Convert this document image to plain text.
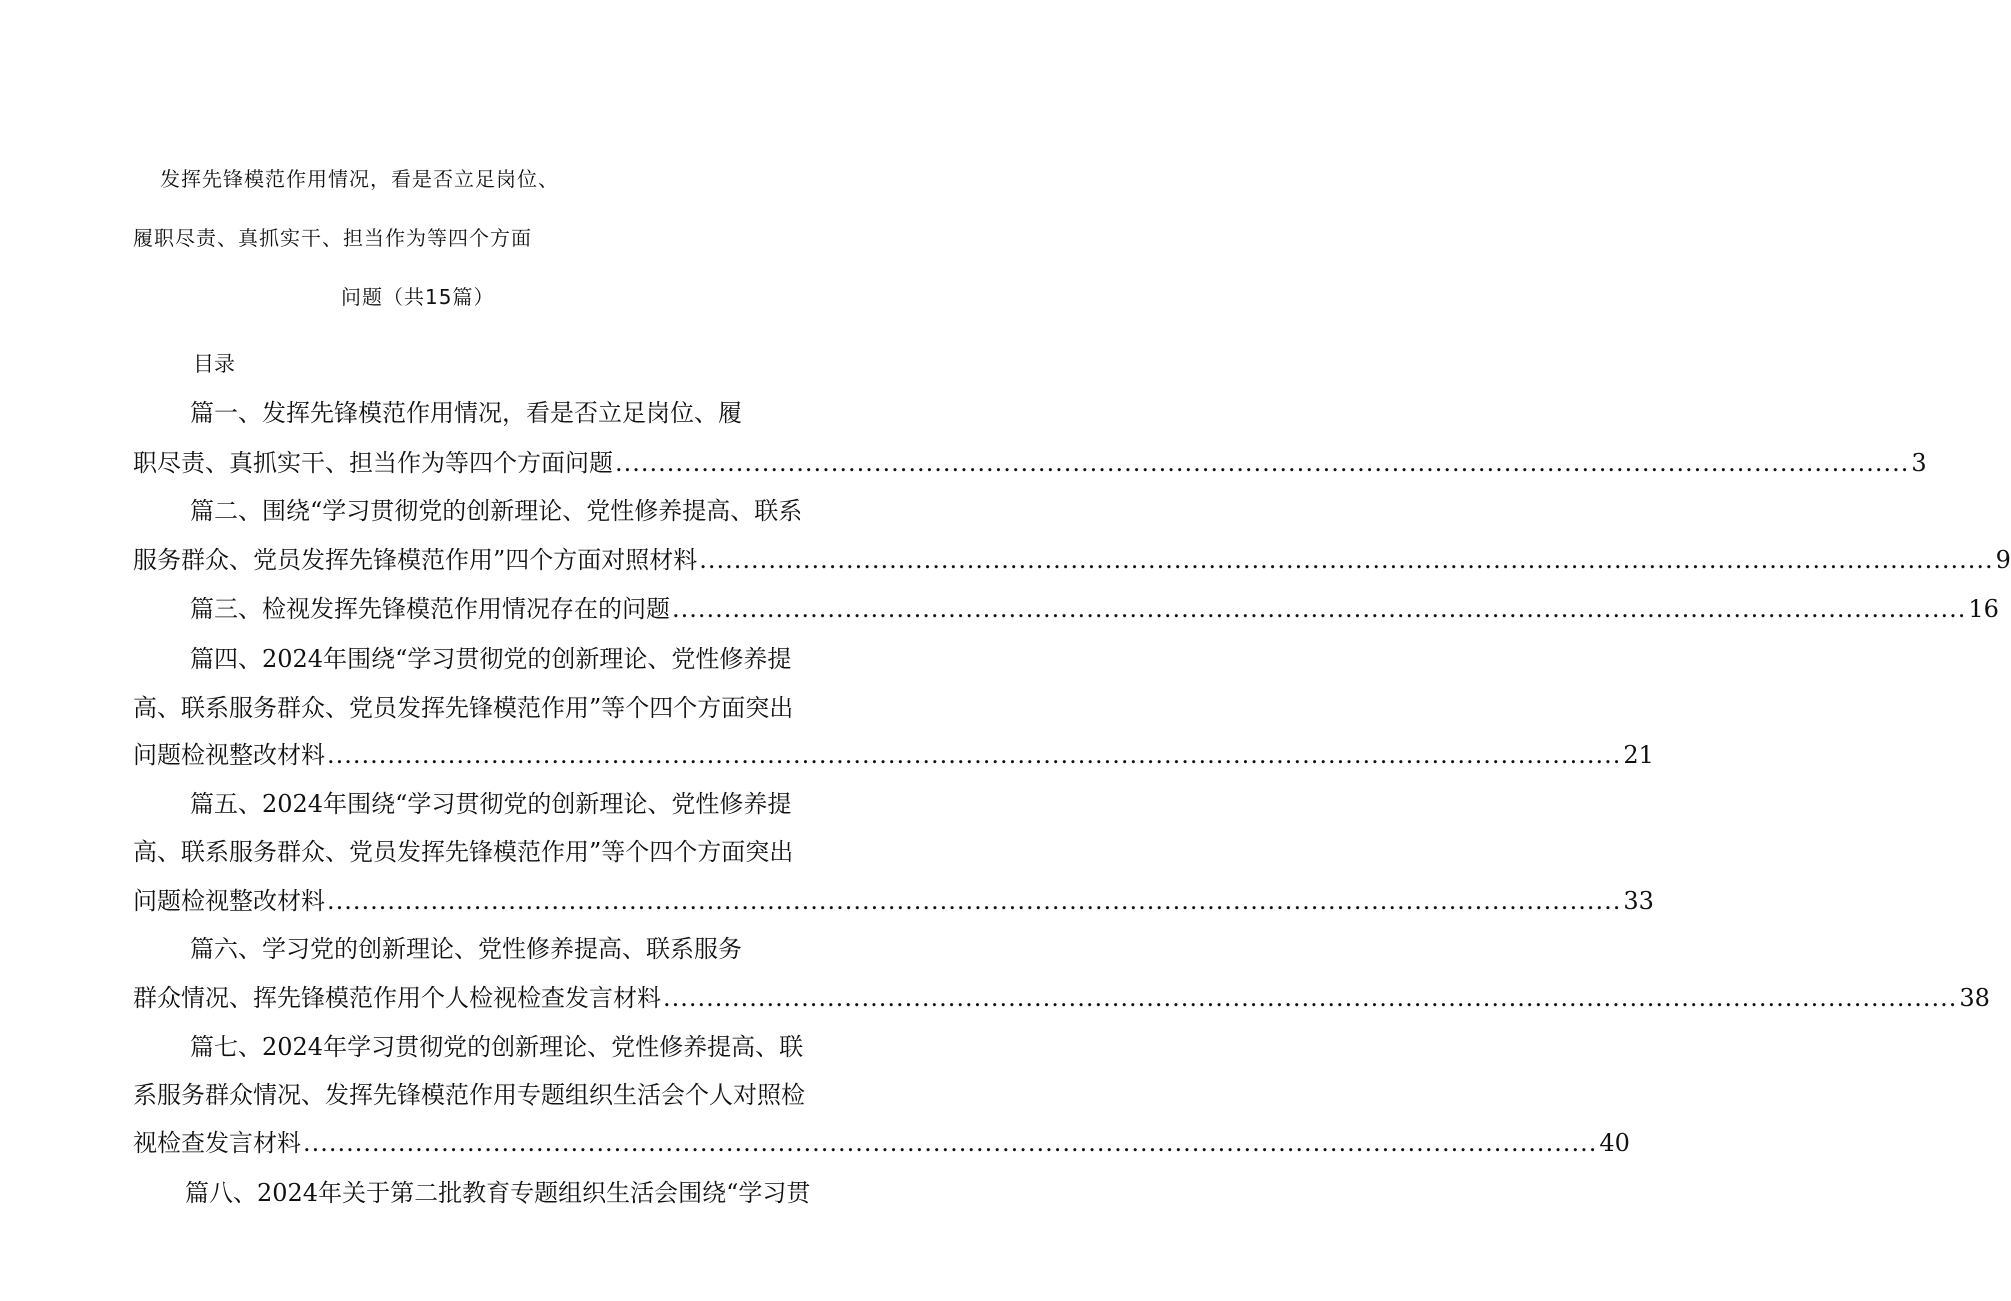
发挥先锋模范作用情况，看是否立足岗位、
履职尽责、真抓实干、担当作为等四个方面
问题（共15篇）
目录
篇一、发挥先锋模范作用情况，看是否立足岗位、履
职尽责、真抓实干、担当作为等四个方面问题 ...................................................................................................................................................... 3
篇二、围绕“学习贯彻党的创新理论、党性修养提高、联系
服务群众、党员发挥先锋模范作用”四个方面对照材料 ...................................................................................................................................................... 9
篇三、检视发挥先锋模范作用情况存在的问题 ...................................................................................................................................................... 16
篇四、2024年围绕“学习贯彻党的创新理论、党性修养提
高、联系服务群众、党员发挥先锋模范作用”等个四个方面突出
问题检视整改材料 ...................................................................................................................................................... 21
篇五、2024年围绕“学习贯彻党的创新理论、党性修养提
高、联系服务群众、党员发挥先锋模范作用”等个四个方面突出
问题检视整改材料 ...................................................................................................................................................... 33
篇六、学习党的创新理论、党性修养提高、联系服务
群众情况、挥先锋模范作用个人检视检查发言材料 ...................................................................................................................................................... 38
篇七、2024年学习贯彻党的创新理论、党性修养提高、联
系服务群众情况、发挥先锋模范作用专题组织生活会个人对照检
视检查发言材料 ...................................................................................................................................................... 40
篇八、2024年关于第二批教育专题组织生活会围绕“学习贯
